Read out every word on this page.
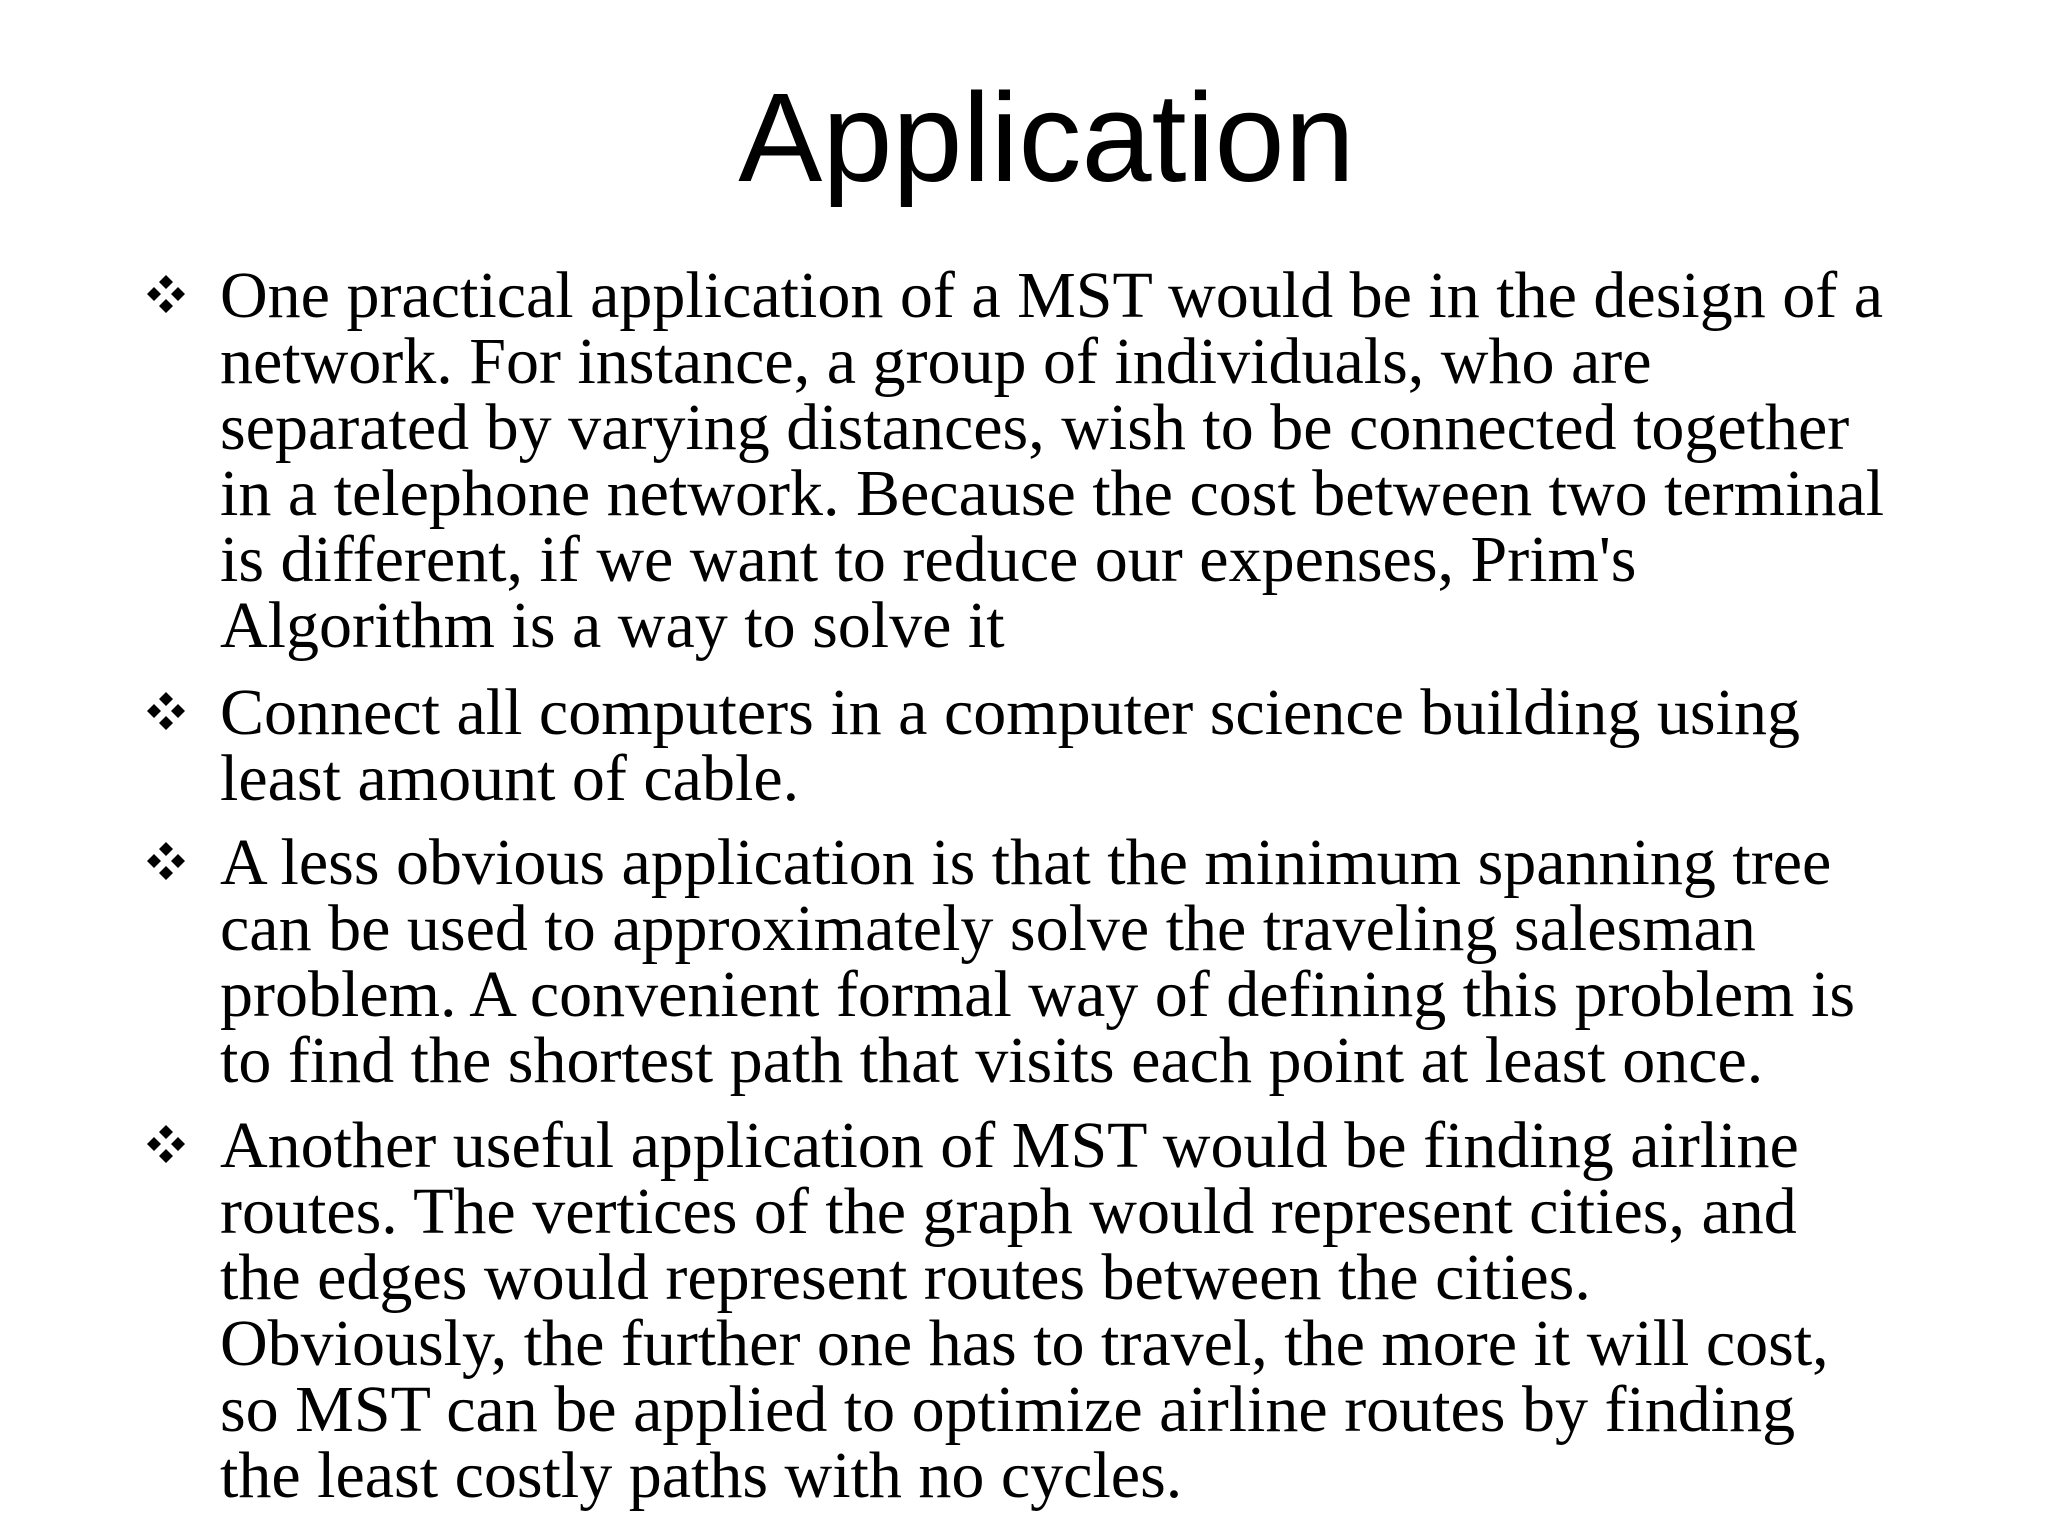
Application
One practical application of a MST would be in the design of a
network. For instance, a group of individuals, who are
separated by varying distances, wish to be connected together
in a telephone network. Because the cost between two terminal
is different, if we want to reduce our expenses, Prim's
Algorithm is a way to solve it
Connect all computers in a computer science building using
least amount of cable.
A less obvious application is that the minimum spanning tree
can be used to approximately solve the traveling salesman
problem. A convenient formal way of defining this problem is
to find the shortest path that visits each point at least once.
Another useful application of MST would be finding airline
routes. The vertices of the graph would represent cities, and
the edges would represent routes between the cities.
Obviously, the further one has to travel, the more it will cost,
so MST can be applied to optimize airline routes by finding
the least costly paths with no cycles.
